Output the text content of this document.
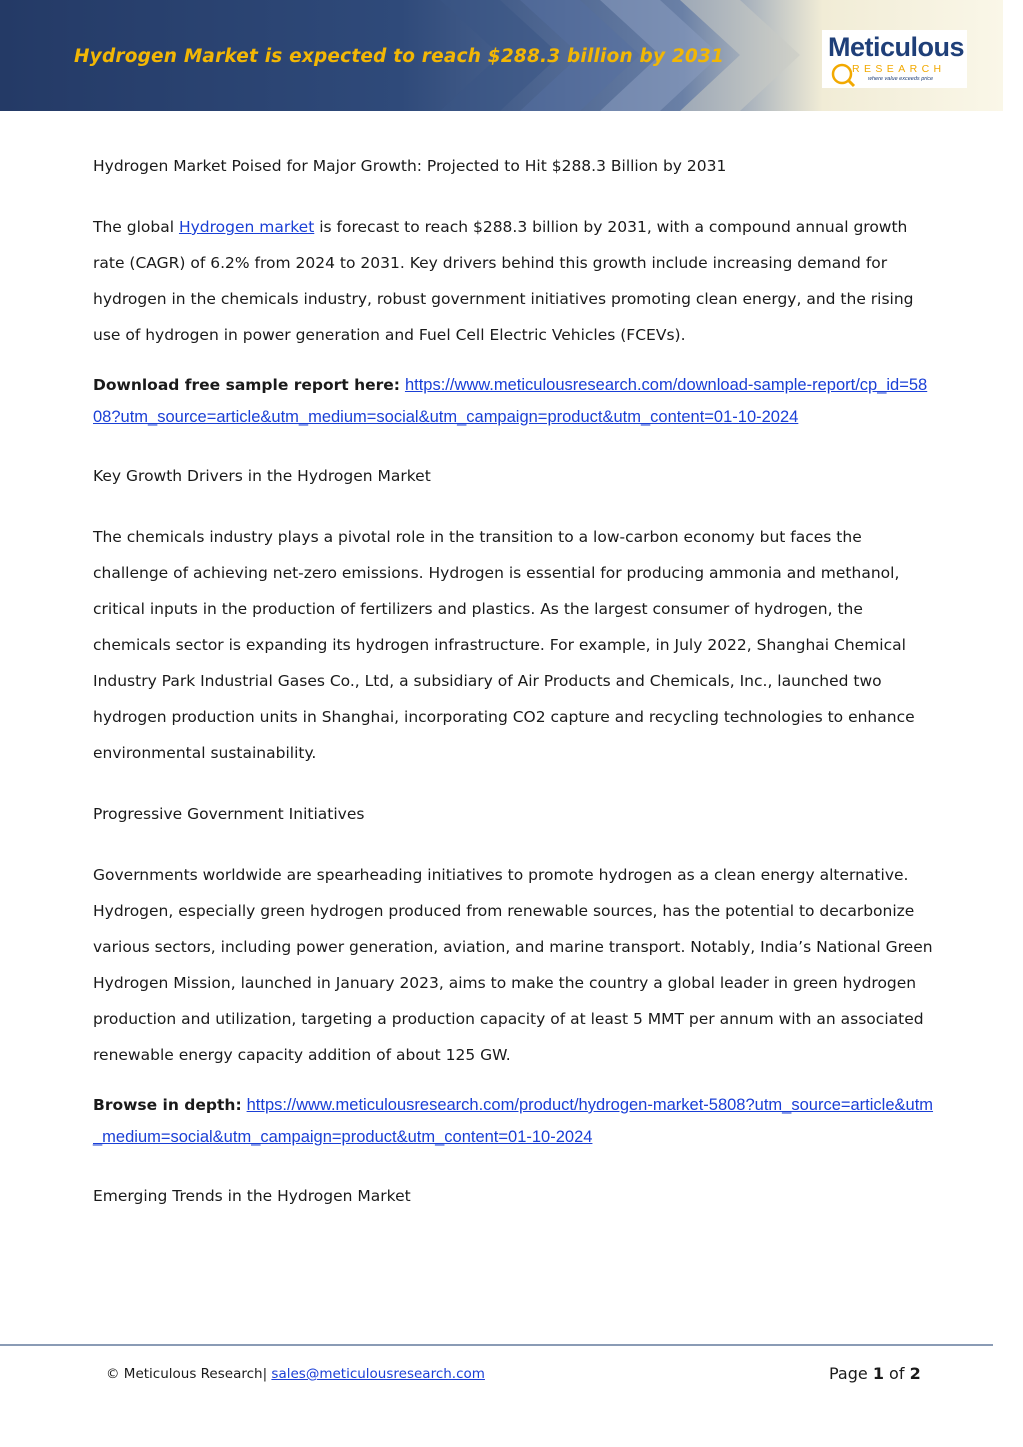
Hydrogen Market is expected to reach $288.3 billion by 2031	Meticulous
RESEARCH
where value exceeds price

Hydrogen Market Poised for Major Growth: Projected to Hit $288.3 Billion by 2031

The global Hydrogen market is forecast to reach $288.3 billion by 2031, with a compound annual growth rate (CAGR) of 6.2% from 2024 to 2031. Key drivers behind this growth include increasing demand for hydrogen in the chemicals industry, robust government initiatives promoting clean energy, and the rising use of hydrogen in power generation and Fuel Cell Electric Vehicles (FCEVs).

Download free sample report here: https://www.meticulousresearch.com/download-sample-report/cp_id=5808?utm_source=article&utm_medium=social&utm_campaign=product&utm_content=01-10-2024

Key Growth Drivers in the Hydrogen Market

The chemicals industry plays a pivotal role in the transition to a low-carbon economy but faces the challenge of achieving net-zero emissions. Hydrogen is essential for producing ammonia and methanol, critical inputs in the production of fertilizers and plastics. As the largest consumer of hydrogen, the chemicals sector is expanding its hydrogen infrastructure. For example, in July 2022, Shanghai Chemical Industry Park Industrial Gases Co., Ltd, a subsidiary of Air Products and Chemicals, Inc., launched two hydrogen production units in Shanghai, incorporating CO2 capture and recycling technologies to enhance environmental sustainability.

Progressive Government Initiatives

Governments worldwide are spearheading initiatives to promote hydrogen as a clean energy alternative. Hydrogen, especially green hydrogen produced from renewable sources, has the potential to decarbonize various sectors, including power generation, aviation, and marine transport. Notably, India’s National Green Hydrogen Mission, launched in January 2023, aims to make the country a global leader in green hydrogen production and utilization, targeting a production capacity of at least 5 MMT per annum with an associated renewable energy capacity addition of about 125 GW.

Browse in depth: https://www.meticulousresearch.com/product/hydrogen-market-5808?utm_source=article&utm_medium=social&utm_campaign=product&utm_content=01-10-2024

Emerging Trends in the Hydrogen Market

© Meticulous Research| sales@meticulousresearch.com	Page 1 of 2
